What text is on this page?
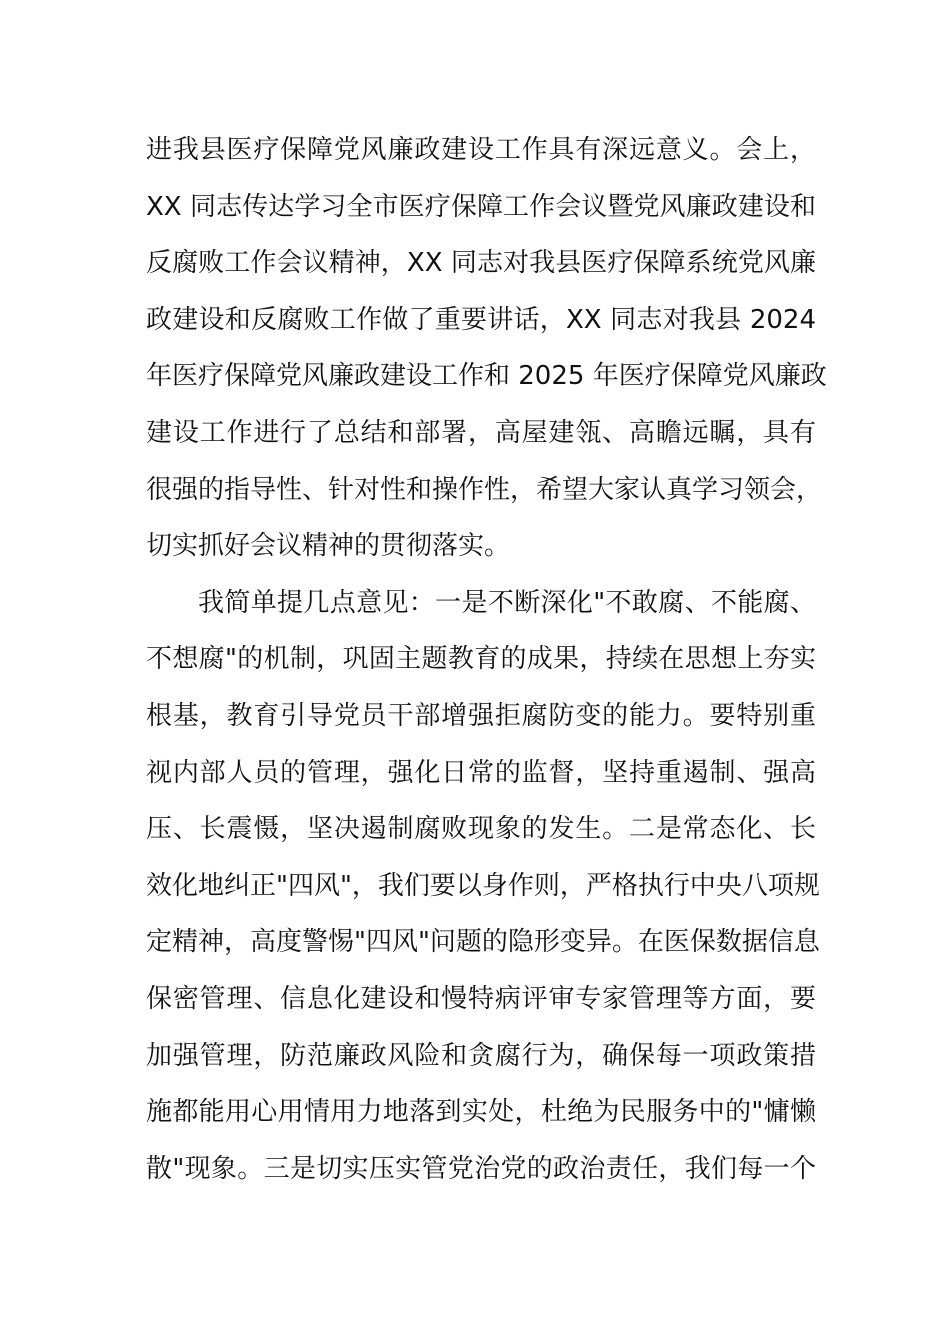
进我县医疗保障党风廉政建设工作具有深远意义。会上，
XX 同志传达学习全市医疗保障工作会议暨党风廉政建设和
反腐败工作会议精神，XX 同志对我县医疗保障系统党风廉
政建设和反腐败工作做了重要讲话，XX 同志对我县 2024
年医疗保障党风廉政建设工作和 2025 年医疗保障党风廉政
建设工作进行了总结和部署，高屋建瓴、高瞻远瞩，具有
很强的指导性、针对性和操作性，希望大家认真学习领会，
切实抓好会议精神的贯彻落实。
我简单提几点意见：一是不断深化"不敢腐、不能腐、
不想腐"的机制，巩固主题教育的成果，持续在思想上夯实
根基，教育引导党员干部增强拒腐防变的能力。要特别重
视内部人员的管理，强化日常的监督，坚持重遏制、强高
压、长震慑，坚决遏制腐败现象的发生。二是常态化、长
效化地纠正"四风"，我们要以身作则，严格执行中央八项规
定精神，高度警惕"四风"问题的隐形变异。在医保数据信息
保密管理、信息化建设和慢特病评审专家管理等方面，要
加强管理，防范廉政风险和贪腐行为，确保每一项政策措
施都能用心用情用力地落到实处，杜绝为民服务中的"慵懒
散"现象。三是切实压实管党治党的政治责任，我们每一个
